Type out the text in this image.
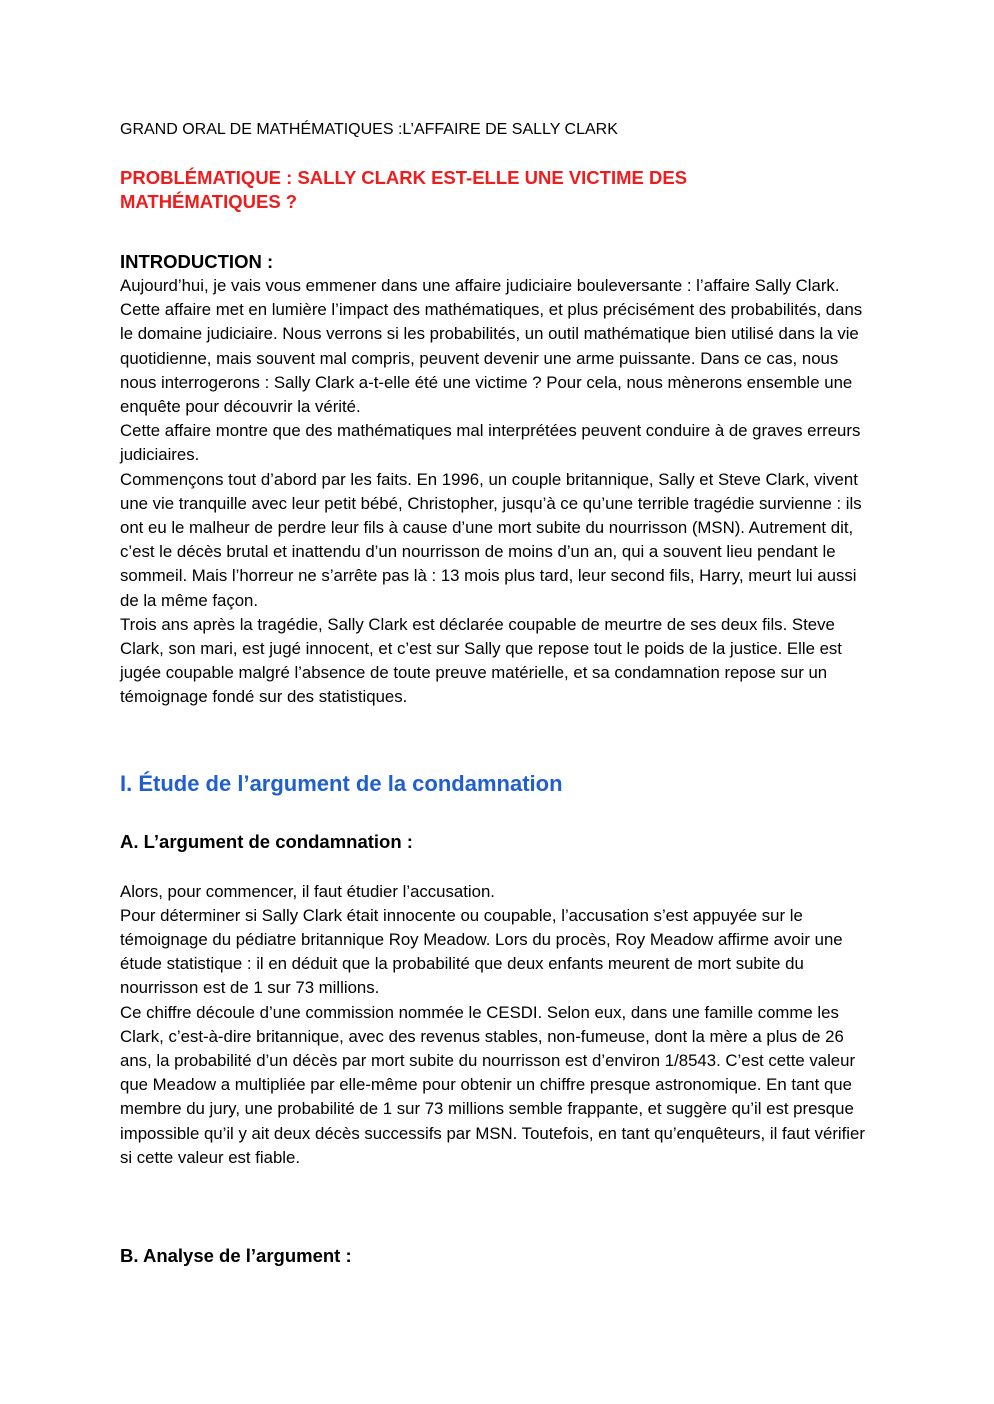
GRAND ORAL DE MATHÉMATIQUES :L’AFFAIRE DE SALLY CLARK

PROBLÉMATIQUE : SALLY CLARK EST-ELLE UNE VICTIME DES MATHÉMATIQUES ?

INTRODUCTION :

Aujourd’hui, je vais vous emmener dans une affaire judiciaire bouleversante : l’affaire Sally Clark. Cette affaire met en lumière l’impact des mathématiques, et plus précisément des probabilités, dans le domaine judiciaire. Nous verrons si les probabilités, un outil mathématique bien utilisé dans la vie quotidienne, mais souvent mal compris, peuvent devenir une arme puissante. Dans ce cas, nous nous interrogerons : Sally Clark a-t-elle été une victime ? Pour cela, nous mènerons ensemble une enquête pour découvrir la vérité.

Cette affaire montre que des mathématiques mal interprétées peuvent conduire à de graves erreurs judiciaires.

Commençons tout d’abord par les faits. En 1996, un couple britannique, Sally et Steve Clark, vivent une vie tranquille avec leur petit bébé, Christopher, jusqu’à ce qu’une terrible tragédie survienne : ils ont eu le malheur de perdre leur fils à cause d’une mort subite du nourrisson (MSN). Autrement dit, c’est le décès brutal et inattendu d’un nourrisson de moins d’un an, qui a souvent lieu pendant le sommeil. Mais l’horreur ne s’arrête pas là : 13 mois plus tard, leur second fils, Harry, meurt lui aussi de la même façon.

Trois ans après la tragédie, Sally Clark est déclarée coupable de meurtre de ses deux fils. Steve Clark, son mari, est jugé innocent, et c’est sur Sally que repose tout le poids de la justice. Elle est jugée coupable malgré l’absence de toute preuve matérielle, et sa condamnation repose sur un témoignage fondé sur des statistiques.

I. Étude de l’argument de la condamnation

A. L’argument de condamnation :

Alors, pour commencer, il faut étudier l’accusation.

Pour déterminer si Sally Clark était innocente ou coupable, l’accusation s’est appuyée sur le témoignage du pédiatre britannique Roy Meadow. Lors du procès, Roy Meadow affirme avoir une étude statistique : il en déduit que la probabilité que deux enfants meurent de mort subite du nourrisson est de 1 sur 73 millions.

Ce chiffre découle d’une commission nommée le CESDI. Selon eux, dans une famille comme les Clark, c’est-à-dire britannique, avec des revenus stables, non-fumeuse, dont la mère a plus de 26 ans, la probabilité d’un décès par mort subite du nourrisson est d’environ 1/8543. C’est cette valeur que Meadow a multipliée par elle-même pour obtenir un chiffre presque astronomique. En tant que membre du jury, une probabilité de 1 sur 73 millions semble frappante, et suggère qu’il est presque impossible qu’il y ait deux décès successifs par MSN. Toutefois, en tant qu’enquêteurs, il faut vérifier si cette valeur est fiable.

B. Analyse de l’argument :
